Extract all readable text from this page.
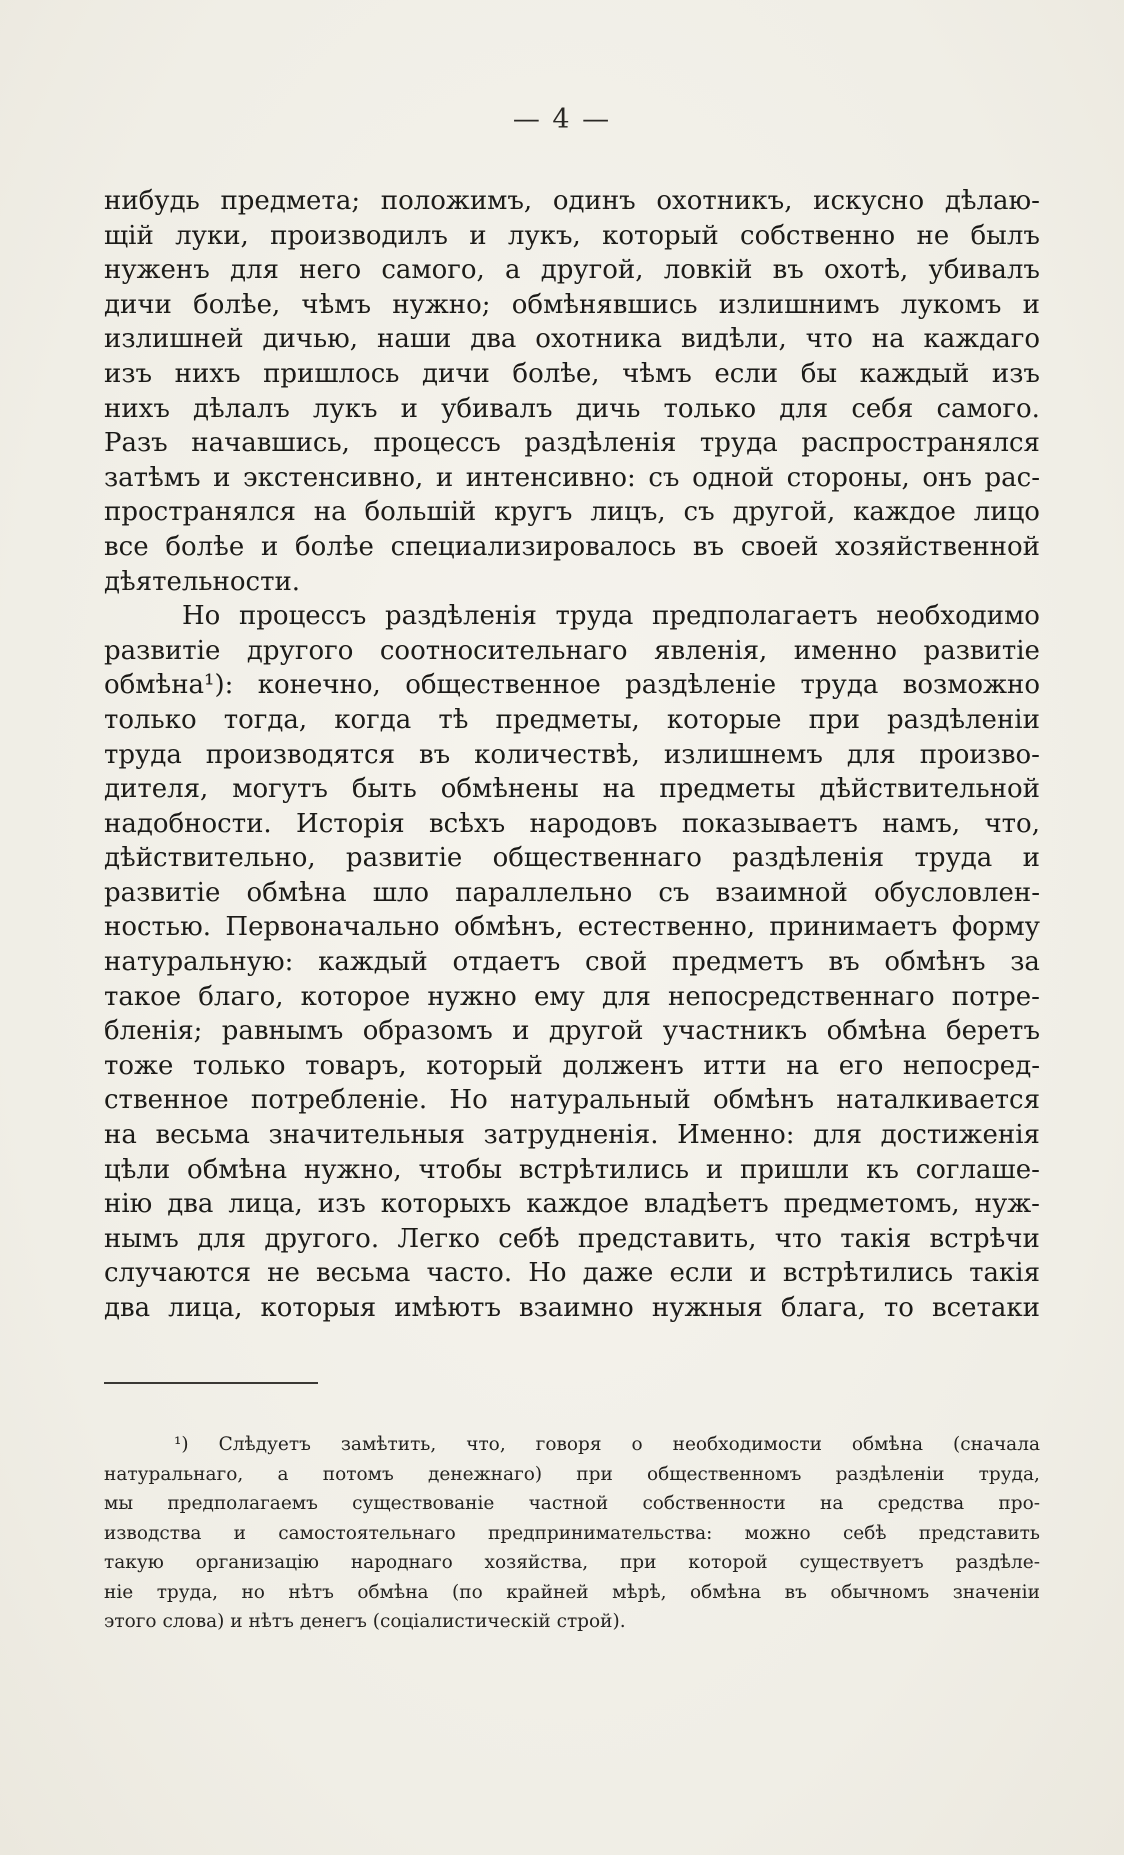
— 4 —
нибудь предмета; положимъ, одинъ охотникъ, искусно дѣлаю-
щій луки, производилъ и лукъ, который собственно не былъ
нуженъ для него самого, а другой, ловкій въ охотѣ, убивалъ
дичи болѣе, чѣмъ нужно; обмѣнявшись излишнимъ лукомъ и
излишней дичью, наши два охотника видѣли, что на каждаго
изъ нихъ пришлось дичи болѣе, чѣмъ если бы каждый изъ
нихъ дѣлалъ лукъ и убивалъ дичь только для себя самого.
Разъ начавшись, процессъ раздѣленія труда распространялся
затѣмъ и экстенсивно, и интенсивно: съ одной стороны, онъ рас-
пространялся на большій кругъ лицъ, съ другой, каждое лицо
все болѣе и болѣе специализировалось въ своей хозяйственной
дѣятельности.
Но процессъ раздѣленія труда предполагаетъ необходимо
развитіе другого соотносительнаго явленія, именно развитіе
обмѣна¹): конечно, общественное раздѣленіе труда возможно
только тогда, когда тѣ предметы, которые при раздѣленіи
труда производятся въ количествѣ, излишнемъ для произво-
дителя, могутъ быть обмѣнены на предметы дѣйствительной
надобности. Исторія всѣхъ народовъ показываетъ намъ, что,
дѣйствительно, развитіе общественнаго раздѣленія труда и
развитіе обмѣна шло параллельно съ взаимной обусловлен-
ностью. Первоначально обмѣнъ, естественно, принимаетъ форму
натуральную: каждый отдаетъ свой предметъ въ обмѣнъ за
такое благо, которое нужно ему для непосредственнаго потре-
бленія; равнымъ образомъ и другой участникъ обмѣна беретъ
тоже только товаръ, который долженъ итти на его непосред-
ственное потребленіе. Но натуральный обмѣнъ наталкивается
на весьма значительныя затрудненія. Именно: для достиженія
цѣли обмѣна нужно, чтобы встрѣтились и пришли къ соглаше-
нію два лица, изъ которыхъ каждое владѣетъ предметомъ, нуж-
нымъ для другого. Легко себѣ представить, что такія встрѣчи
случаются не весьма часто. Но даже если и встрѣтились такія
два лица, которыя имѣютъ взаимно нужныя блага, то всетаки
¹) Слѣдуетъ замѣтить, что, говоря о необходимости обмѣна (сначала
натуральнаго, а потомъ денежнаго) при общественномъ раздѣленіи труда,
мы предполагаемъ существованіе частной собственности на средства про-
изводства и самостоятельнаго предпринимательства: можно себѣ представить
такую организацію народнаго хозяйства, при которой существуетъ раздѣле-
ніе труда, но нѣтъ обмѣна (по крайней мѣрѣ, обмѣна въ обычномъ значеніи
этого слова) и нѣтъ денегъ (соціалистическій строй).
